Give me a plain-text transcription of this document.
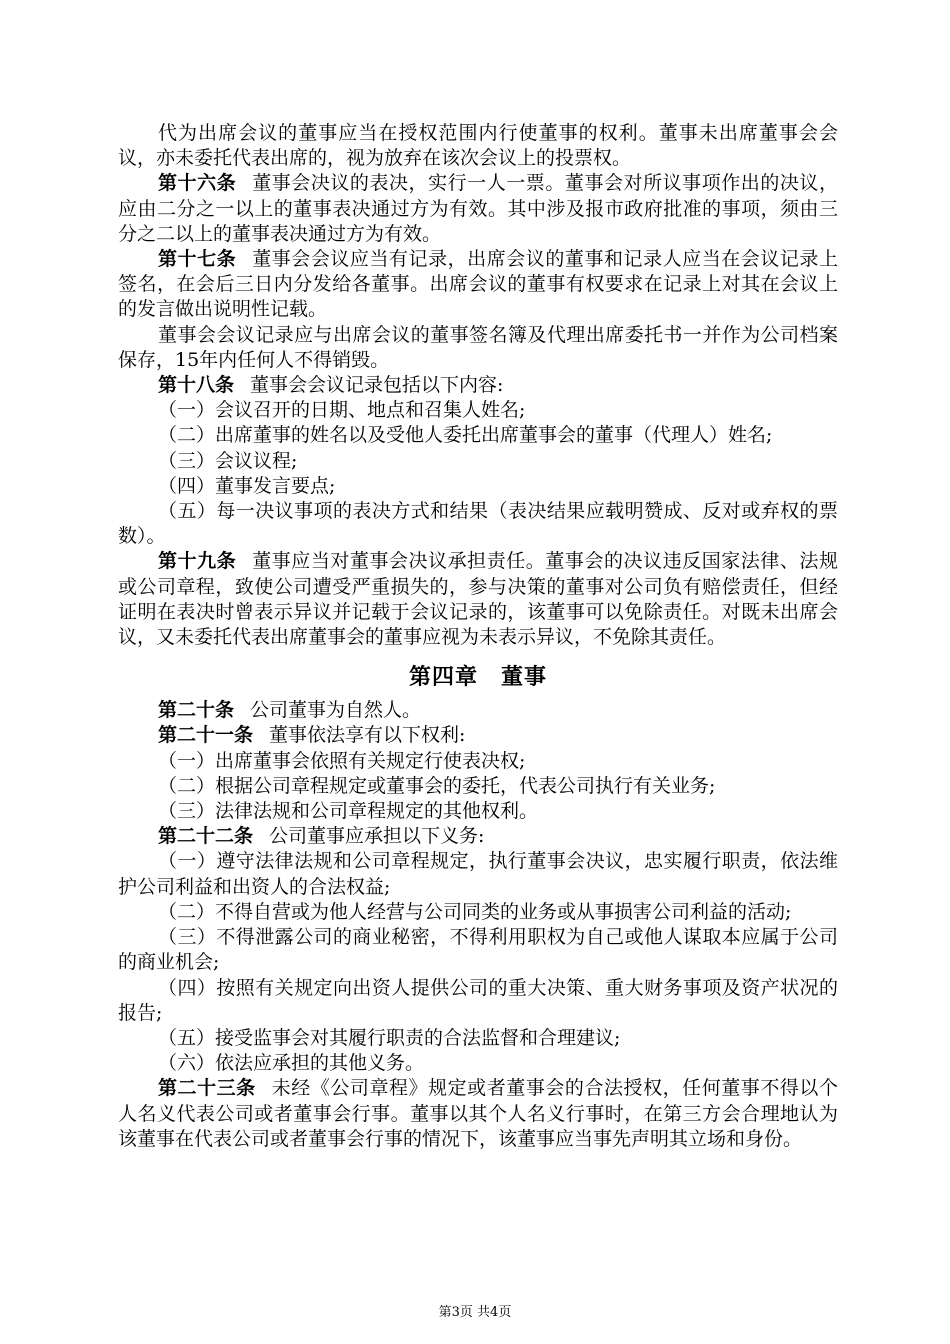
代为出席会议的董事应当在授权范围内行使董事的权利。董事未出席董事会会议，亦未委托代表出席的，视为放弃在该次会议上的投票权。

第十六条 董事会决议的表决，实行一人一票。董事会对所议事项作出的决议，应由二分之一以上的董事表决通过方为有效。其中涉及报市政府批准的事项，须由三分之二以上的董事表决通过方为有效。

第十七条 董事会会议应当有记录，出席会议的董事和记录人应当在会议记录上签名，在会后三日内分发给各董事。出席会议的董事有权要求在记录上对其在会议上的发言做出说明性记载。

董事会会议记录应与出席会议的董事签名簿及代理出席委托书一并作为公司档案保存，15年内任何人不得销毁。

第十八条 董事会会议记录包括以下内容:

（一）会议召开的日期、地点和召集人姓名;

（二）出席董事的姓名以及受他人委托出席董事会的董事（代理人）姓名;

（三）会议议程;

（四）董事发言要点;

（五）每一决议事项的表决方式和结果（表决结果应载明赞成、反对或弃权的票数）。

第十九条 董事应当对董事会决议承担责任。董事会的决议违反国家法律、法规或公司章程，致使公司遭受严重损失的，参与决策的董事对公司负有赔偿责任，但经证明在表决时曾表示异议并记载于会议记录的，该董事可以免除责任。对既未出席会议，又未委托代表出席董事会的董事应视为未表示异议，不免除其责任。

第四章　董事

第二十条 公司董事为自然人。

第二十一条 董事依法享有以下权利:

（一）出席董事会依照有关规定行使表决权;

（二）根据公司章程规定或董事会的委托，代表公司执行有关业务;

（三）法律法规和公司章程规定的其他权利。

第二十二条 公司董事应承担以下义务:

（一）遵守法律法规和公司章程规定，执行董事会决议，忠实履行职责，依法维护公司利益和出资人的合法权益;

（二）不得自营或为他人经营与公司同类的业务或从事损害公司利益的活动;

（三）不得泄露公司的商业秘密，不得利用职权为自己或他人谋取本应属于公司的商业机会;

（四）按照有关规定向出资人提供公司的重大决策、重大财务事项及资产状况的报告;

（五）接受监事会对其履行职责的合法监督和合理建议;

（六）依法应承担的其他义务。

第二十三条 未经《公司章程》规定或者董事会的合法授权，任何董事不得以个人名义代表公司或者董事会行事。董事以其个人名义行事时，在第三方会合理地认为该董事在代表公司或者董事会行事的情况下，该董事应当事先声明其立场和身份。

第3页 共4页
